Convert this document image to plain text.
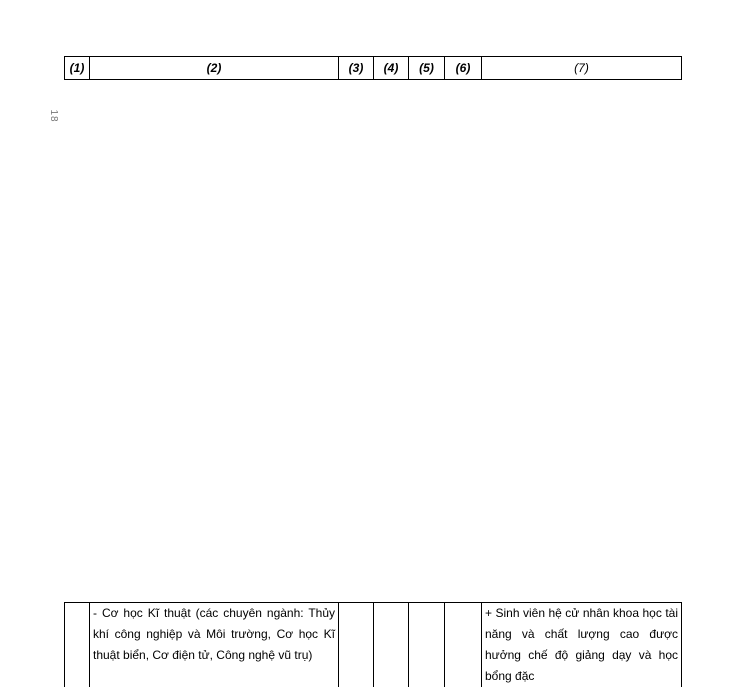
(1)	(2)	(3)	(4)	(5)	(6)	(7)
18
	- Cơ học Kĩ thuật (các chuyên ngành: Thủy khí công nghiệp và Môi trường, Cơ học Kĩ thuật biển, Cơ điện tử, Công nghệ vũ trụ)					+ Sinh viên hệ cử nhân khoa học tài năng và chất lượng cao được hưởng chế độ giảng dạy và học bổng đặc
